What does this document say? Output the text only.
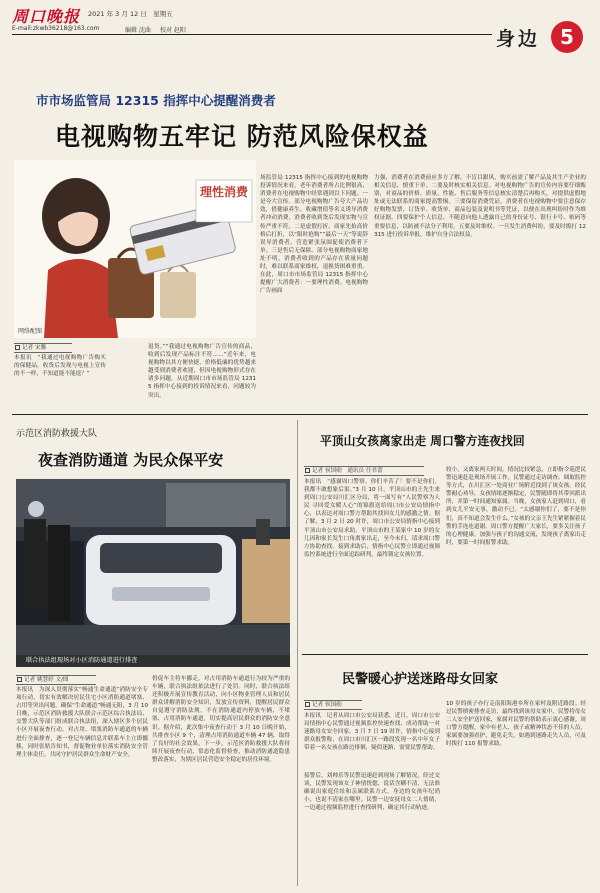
周口晚报 2021 年 3 月 12 日　星期五
E-mail:zkwb36218@163.com	编辑 沈曲 校对 赵阳	身边	5
市市场监管局 12315 指挥中心提醒消费者
电视购物五牢记 防范风险保权益
理性消费
网络配图
记者 宋馨
本报讯　“我通过电视购物广告购买的保健品，收货后发现与电视上宣传的不一样，不知道能不能退？”
退货。”“我通过电视购物广告宣传的商品，收到后发现产品标注不符……”近年来，电视购物以其方便快捷、价格低廉的优势越来越受到消费者欢迎，但因电视购物形式存在诸多问题，从近期周口市市场监管局 12315 指挥中心接到的投诉情况来看，问题较为突出。
场监管局 12315 指挥中心接到的电视购物投诉情况来看，老年消费者所占比例很高，消费者在电视购物中经常遇到以下问题。一是夸大宣传。部分电视购物广告夸大产品功效，借健康养生、收藏增值等名义诱导消费者冲动消费，消费者收到货后发现实物与宣传严重不符。二是虚假打折。商家先抬高价格后打折，以“限时抢购”“最后一天”等说辞误导消费者，营造紧张氛围促使消费者下单。三是售后无保障。部分电视购物商家地址不明，消费者收到的产品存在质量问题时，难以联系商家维权，退换货困难重重。在此，周口市市场监管局 12315 指挥中心提醒广大消费者：一要理性消费。电视购物广告画面
力强，消费者在消费前应多方了解，不盲目跟风，购买前需了解产品及其生产企业的相关信息，慎重下单。二要及时核实相关信息。对电视购物广告的宣传内容要仔细甄别，对商品的价格、质量、性能、售后服务等信息核实清楚后再购买，对提供虚假地址或无法联系的商家提高警惕。三要保留消费凭证。消费者在电视购物中要注意保存好购物发票、订货单、收货单、商品包装及说明书等凭证，以便在出现纠纷时作为维权证据。四要保护个人信息。不随意向他人透露自己的身份证号、银行卡号、密码等重要信息，以防被不法分子利用。五要及时维权。一旦发生消费纠纷，要及时拨打 12315 进行投诉举报，维护自身合法权益。
示范区消防救援大队
夜查消防通道 为民众保平安
联合执法组现场对小区消防通道进行排查
记者 姚慧婷 文/图
本报讯　为深入贯彻落实“畅通生命通道”消防安全专项行动，切实有效解决居民住宅小区消防通道堵塞、占用等突出问题，确保“生命通道”畅通无阻，3 月 10 日晚，示范区消防救援大队联合示范区综合执法局、交警大队等部门组成联合执法组，深入辖区多个居民小区开展夜查行动，对占用、堵塞消防车通道的车辆进行全面排查，逐一登记车辆信息并联系车主立即挪移，同时张贴告知书，督促物业单位落实消防安全管理主体责任，共同守护居民群众生命财产安全。
督促车主将车挪走。对占用消防车通道行为较为严重的车辆，联合执法组依法进行了处罚。同时，联合执法组还积极开展宣传教育活动，向小区物业管理人员和居民群众讲解消防安全知识，发放宣传资料，提醒居民群众自觉遵守消防法规，不在消防通道内停放车辆，不堵塞、占用消防车通道，切实提高居民群众的消防安全意识。据介绍，此次集中夜查行动于 3 月 10 日晚开始，共排查小区 9 个，清理占用消防通道车辆 47 辆，取得了良好的社会效果。下一步，示范区消防救援大队将持续开展夜查行动，常态化监督检查，推动消防通道隐患整改落实，为辖区居民营造安全稳定的居住环境。
平顶山女孩离家出走 周口警方连夜找回
记者 侯国勋　通讯员 任君蕾
本报讯　“感谢周口警察，你们辛苦了！要不是你们，我都不敢想象后果。”3 月 10 日，平顶山市的王先生来到周口公安局川汇区分局，将一面写有“人民警察为人民 寻回爱女暖人心”的锦旗送给周口市公安局情指中心，以表达对周口警方帮助其找回女儿的感激之情。据了解，3 月 2 日 20 时许，周口市公安局情指中心接到平顶山市公安局求助，平顶山市的王某家中 10 岁的女儿因和家长发生口角离家出走，至今未归，请求周口警方协助查找。接到求助后，情指中心民警立即通过视频监控系统进行全面追踪研判，最终锁定女孩位置。
较小，又离家两天时间，情况比较紧急，立即指令巡逻民警迅速赶赴现场开展工作。民警通过走访调查、调取监控等方式，在川汇区一处商业广场附近找到了该女孩。经民警耐心劝导，女孩情绪逐渐稳定，民警随即将其带回派出所，并第一时间通知家属。当晚，女孩家人赶到周口，看到女儿平安无事，激动不已。“太感谢你们了，要不是你们，真不知道会发生什么。”女孩的父亲王先生紧紧握着民警的手连连道谢。周口警方提醒广大家长，要多关注孩子的心理健康，加强与孩子的沟通交流，发现孩子离家出走时，要第一时间报警求助。
民警暖心护送迷路母女回家
记者 侯国勋
本报讯　记者从周口市公安局获悉，近日，周口市公安局情指中心民警通过视频监控快速查找、成功帮助一对迷路母女安全回家。3 月 7 日 19 时许，情指中心接到群众报警称，在周口市川汇区一路段发现一名中年女子带着一名女孩在路边徘徊，疑似迷路，需要民警帮助。
接警后，刘帅乐等民警迅速赶到现场了解情况。经过交谈，民警发现该女子神情恍惚，说话含糊不清，无法准确说出家庭住址和亲属联系方式，身边的女孩年纪尚小，也说不清家在哪里。民警一边安抚母女二人情绪，一边通过视频监控进行查找研判，确定其行动轨迹。
10 岁的孩子亦行走南阳海港乡所在家村及附近路段。经过民警缜密排查走访，最终找到该母女家中，民警将母女二人安全护送回家，家属对民警的帮助表示衷心感谢。周口警方提醒，家中有老人、孩子或精神状态不佳的人员，家属要加强看护，避免走失。如遇到迷路走失人员，可及时拨打 110 报警求助。
